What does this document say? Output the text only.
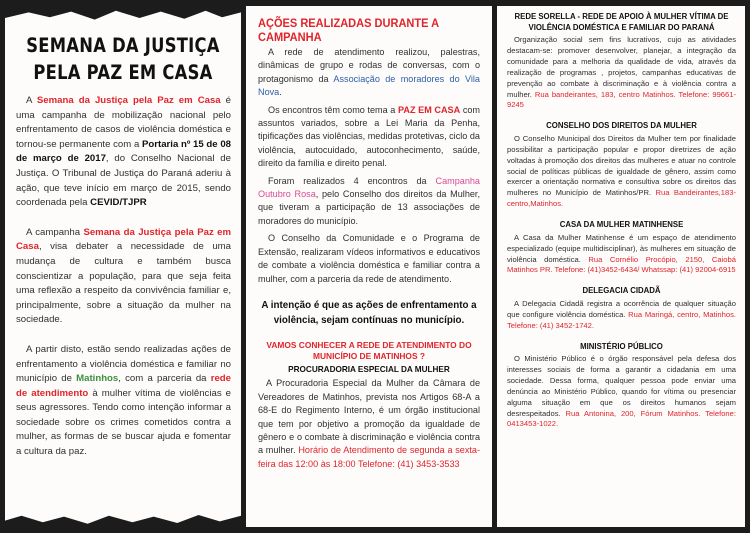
SEMANA DA JUSTIÇA
PELA PAZ EM CASA

A Semana da Justiça pela Paz em Casa é uma campanha de mobilização nacional pelo enfrentamento de casos de violência doméstica e tornou-se permanente com a Portaria nº 15 de 08 de março de 2017, do Conselho Nacional de Justiça. O Tribunal de Justiça do Paraná aderiu à ação, que teve início em março de 2015, sendo coordenada pela CEVID/TJPR

A campanha Semana da Justiça pela Paz em Casa, visa debater a necessidade de uma mudança de cultura e também busca conscientizar a população, para que seja feita uma reflexão a respeito da convivência familiar e, principalmente, sobre a situação da mulher na sociedade.

A partir disto, estão sendo realizadas ações de enfrentamento a violência doméstica e familiar no município de Matinhos, com a parceria da rede de atendimento à mulher vítima de violências e seus agressores. Tendo como intenção informar a sociedade sobre os crimes cometidos contra a mulher, as formas de se buscar ajuda e fomentar a cultura da paz.

AÇÕES REALIZADAS DURANTE A CAMPANHA

A rede de atendimento realizou, palestras, dinâmicas de grupo e rodas de conversas, com o protagonismo da Associação de moradores do Vila Nova.

Os encontros têm como tema a PAZ EM CASA com assuntos variados, sobre a Lei Maria da Penha, tipificações das violências, medidas protetivas, ciclo da violência, autocuidado, autoconhecimento, saúde, direito da família e direito penal.

Foram realizados 4 encontros da Campanha Outubro Rosa, pelo Conselho dos direitos da Mulher, que tiveram a participação de 13 associações de moradores do município.

O Conselho da Comunidade e o Programa de Extensão, realizaram vídeos informativos e educativos de combate a violência doméstica e familiar contra a mulher, com a parceria da rede de atendimento.

A intenção é que as ações de enfrentamento a violência, sejam contínuas no município.
VAMOS CONHECER A REDE DE ATENDIMENTO DO MUNICÍPIO DE MATINHOS ?
PROCURADORIA ESPECIAL DA MULHER

A Procuradoria Especial da Mulher da Câmara de Vereadores de Matinhos, prevista nos Artigos 68-A a 68-E do Regimento Interno, é um órgão institucional que tem por objetivo a promoção da igualdade de gênero e o combate à discriminação e violência contra a mulher. Horário de Atendimento de segunda a sexta-feira das 12:00 às 18:00 Telefone: (41) 3453-3533

REDE SORELLA - REDE DE APOIO À MULHER VÍTIMA DE VIOLÊNCIA DOMÉSTICA E FAMILIAR DO PARANÁ

Organização social sem fins lucrativos, cujo as atividades destacam-se: promover desenvolver, planejar, a integração da comunidade para a melhoria da qualidade de vida, através da realização de programas , projetos, campanhas educativas de prevenção ao combate à discriminação e à violência contra a mulher. Rua bandeirantes, 183, centro Matinhos. Telefone: 99661-9245

CONSELHO DOS DIREITOS DA MULHER

O Conselho Municipal dos Direitos da Mulher tem por finalidade possibilitar a participação popular e propor diretrizes de ação voltadas à promoção dos direitos das mulheres e atuar no controle social de políticas públicas de igualdade de gênero, assim como exercer a orientação normativa e consultiva sobre os direitos das mulheres no Município de Matinhos/PR. Rua Bandeirantes,183-centro,Matinhos.

CASA DA MULHER MATINHENSE

A Casa da Mulher Matinhense é um espaço de atendimento especializado (equipe multidisciplinar), às mulheres em situação de violência doméstica. Rua Cornélio Procópio, 2150, Caiobá Matinhos PR. Telefone: (41)3452-6434/ Whatssap: (41) 92004-6915

DELEGACIA CIDADÃ

A Delegacia Cidadã registra a ocorrência de qualquer situação que configure violência doméstica. Rua Maringá, centro, Matinhos. Telefone: (41) 3452-1742.

MINISTÉRIO PÚBLICO

O Ministério Público é o órgão responsável pela defesa dos interesses sociais de forma a garantir a cidadania em uma sociedade. Dessa forma, qualquer pessoa pode enviar uma denúncia ao Ministério Público, quando for vítima ou presenciar alguma situação em que os direitos humanos sejam desrespeitados. Rua Antonina, 200, Fórum Matinhos. Telefone: 0413453-1022.
